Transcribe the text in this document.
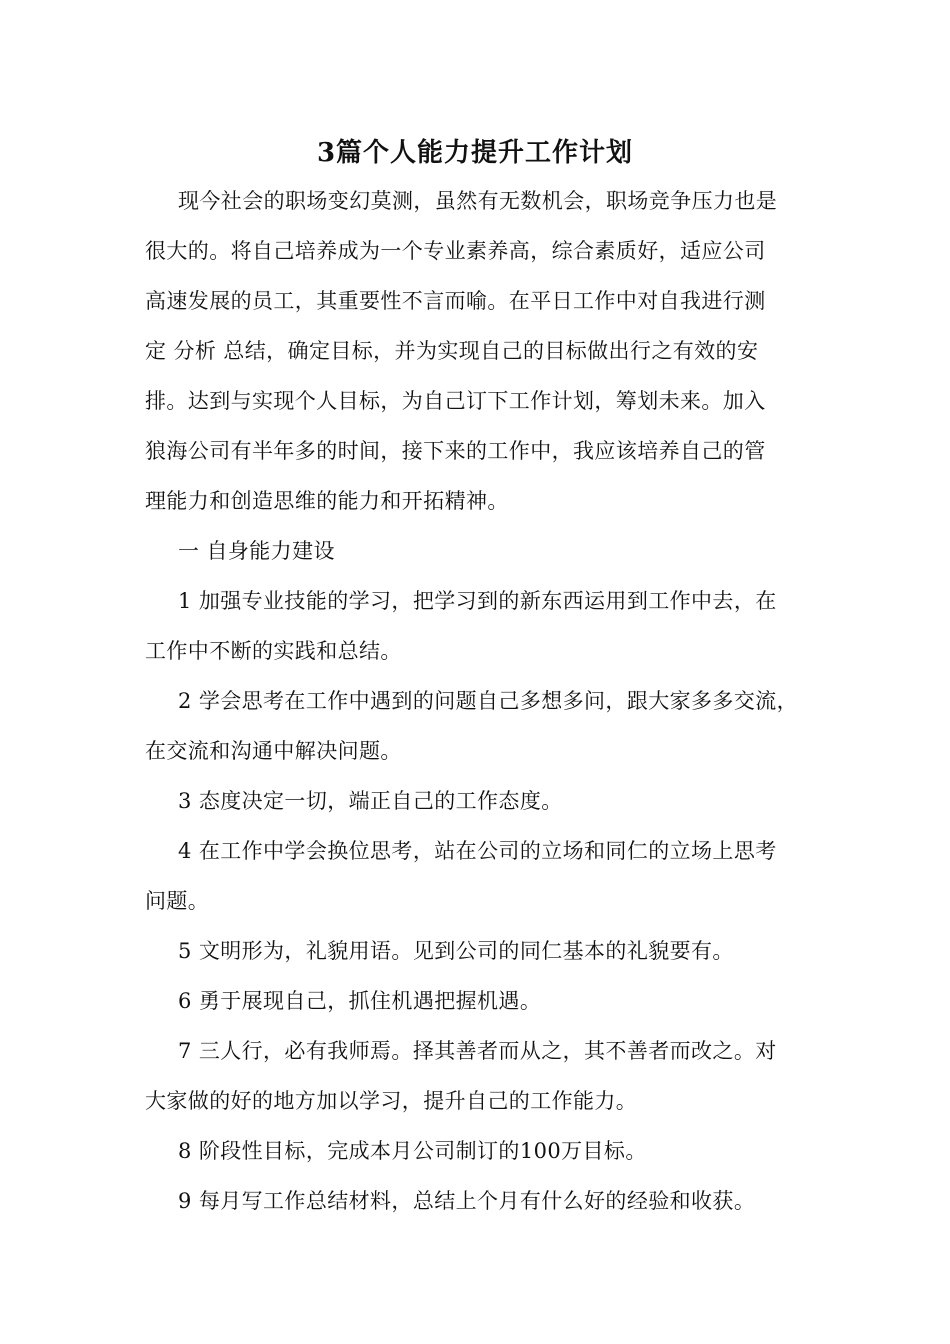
3篇个人能力提升工作计划
现今社会的职场变幻莫测，虽然有无数机会，职场竞争压力也是
很大的。将自己培养成为一个专业素养高，综合素质好，适应公司
高速发展的员工，其重要性不言而喻。在平日工作中对自我进行测
定 分析 总结，确定目标，并为实现自己的目标做出行之有效的安
排。达到与实现个人目标，为自己订下工作计划，筹划未来。加入
狼海公司有半年多的时间，接下来的工作中，我应该培养自己的管
理能力和创造思维的能力和开拓精神。
一 自身能力建设
1 加强专业技能的学习，把学习到的新东西运用到工作中去，在
工作中不断的实践和总结。
2 学会思考在工作中遇到的问题自己多想多问，跟大家多多交流，
在交流和沟通中解决问题。
3 态度决定一切，端正自己的工作态度。
4 在工作中学会换位思考，站在公司的立场和同仁的立场上思考
问题。
5 文明形为，礼貌用语。见到公司的同仁基本的礼貌要有。
6 勇于展现自己，抓住机遇把握机遇。
7 三人行，必有我师焉。择其善者而从之，其不善者而改之。对
大家做的好的地方加以学习，提升自己的工作能力。
8 阶段性目标，完成本月公司制订的100万目标。
9 每月写工作总结材料，总结上个月有什么好的经验和收获。
